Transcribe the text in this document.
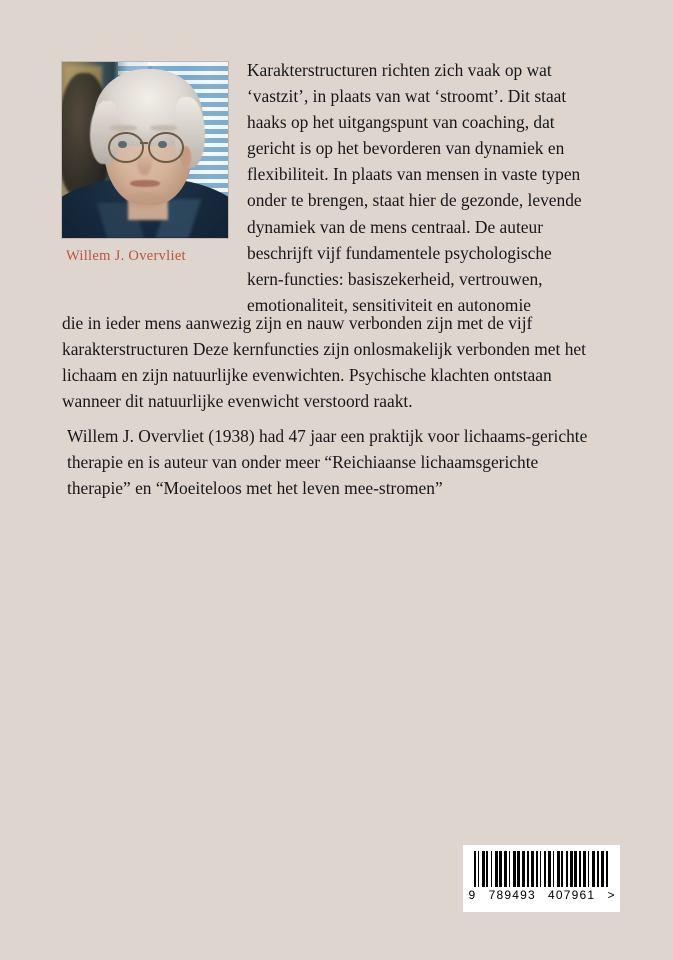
Willem J. Overvliet

Karakterstructuren richten zich vaak op wat ‘vastzit’, in plaats van wat ‘stroomt’. Dit staat haaks op het uitgangspunt van coaching, dat gericht is op het bevorderen van dynamiek en flexibiliteit. In plaats van mensen in vaste typen onder te brengen, staat hier de gezonde, levende dynamiek van de mens centraal. De auteur beschrijft vijf fundamentele psychologische kern-functies: basiszekerheid, vertrouwen, emotionaliteit, sensitiviteit en autonomie

die in ieder mens aanwezig zijn en nauw verbonden zijn met de vijf karakterstructuren Deze kernfuncties zijn onlosmakelijk verbonden met het lichaam en zijn natuurlijke evenwichten. Psychische klachten ontstaan wanneer dit natuurlijke evenwicht verstoord raakt.

Willem J. Overvliet (1938) had 47 jaar een praktijk voor lichaams-gerichte therapie en is auteur van onder meer “Reichiaanse lichaamsgerichte therapie” en “Moeiteloos met het leven mee-stromen”

9 789493 407961 >
